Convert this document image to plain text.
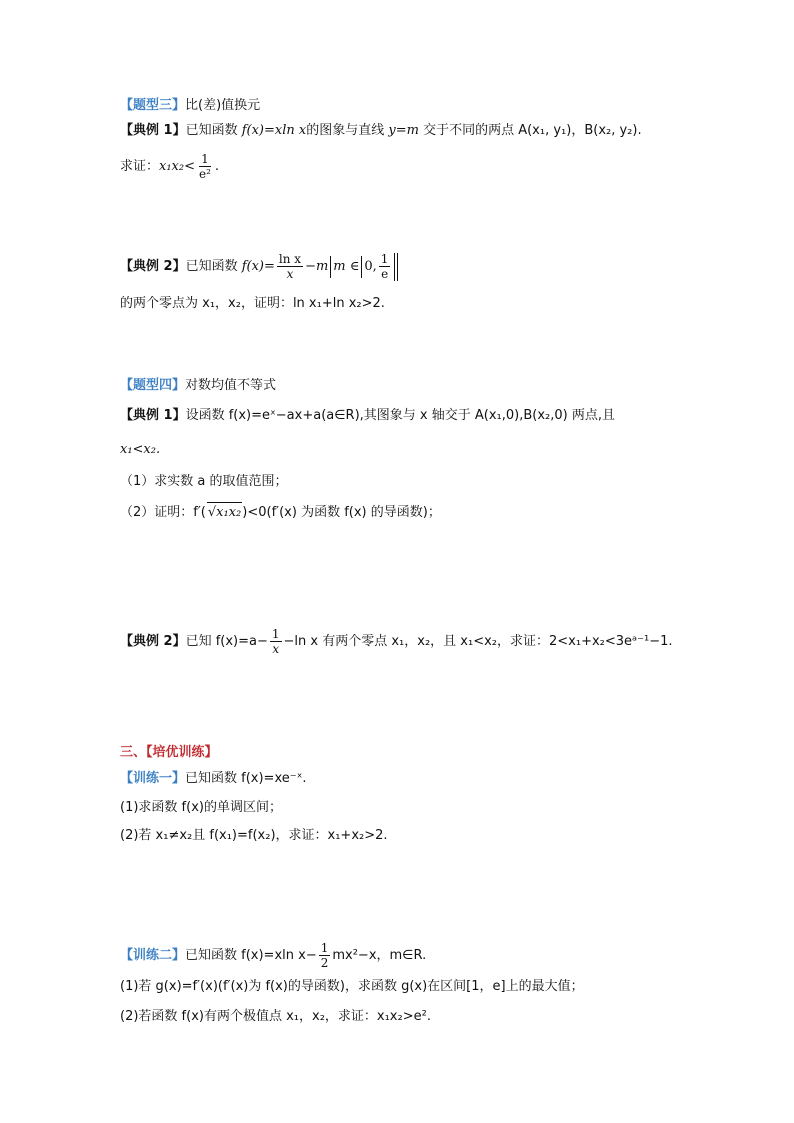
【题型三】比(差)值换元
【典例 1】已知函数 f(x)=xln x的图象与直线 y=m 交于不同的两点 A(x₁, y₁)，B(x₂, y₂).
求证：$x_1x_2< \frac{1}{\text{e²}}$ .
【典例 2】已知函数 $f(x)= \frac{\text{ln x}}{x} -m$ m ∈ 0, $\frac{1}{e}$
的两个零点为 x₁，x₂，证明：ln x₁+ln x₂>2.
【题型四】对数均值不等式
【典例 1】设函数 f(x)=eˣ−ax+a(a∈R),其图象与 x 轴交于 A(x₁,0),B(x₂,0) 两点,且
x₁<x₂.
（1）求实数 a 的取值范围；
（2）证明：f′( √x₁x₂)<0(f′(x) 为函数 f(x) 的导函数)；
【典例 2】已知 $f(x)=a- \frac{1}{x} -\ln$ x 有两个零点 x₁，x₂，且 x₁<x₂，求证：2<x₁+x₂<3eᵃ⁻¹−1.
三、【培优训练】
【训练一】已知函数 f(x)=xe⁻ˣ.
(1)求函数 f(x)的单调区间；
(2)若 x₁≠x₂且 f(x₁)=f(x₂)，求证：x₁+x₂>2.
【训练二】已知函数 f(x)=xln $x- \frac{1}{2} mx^2-x$，m∈R.
(1)若 g(x)=f′(x)(f′(x)为 f(x)的导函数)，求函数 g(x)在区间[1，e]上的最大值；
(2)若函数 f(x)有两个极值点 x₁，x₂，求证：x₁x₂>e².
